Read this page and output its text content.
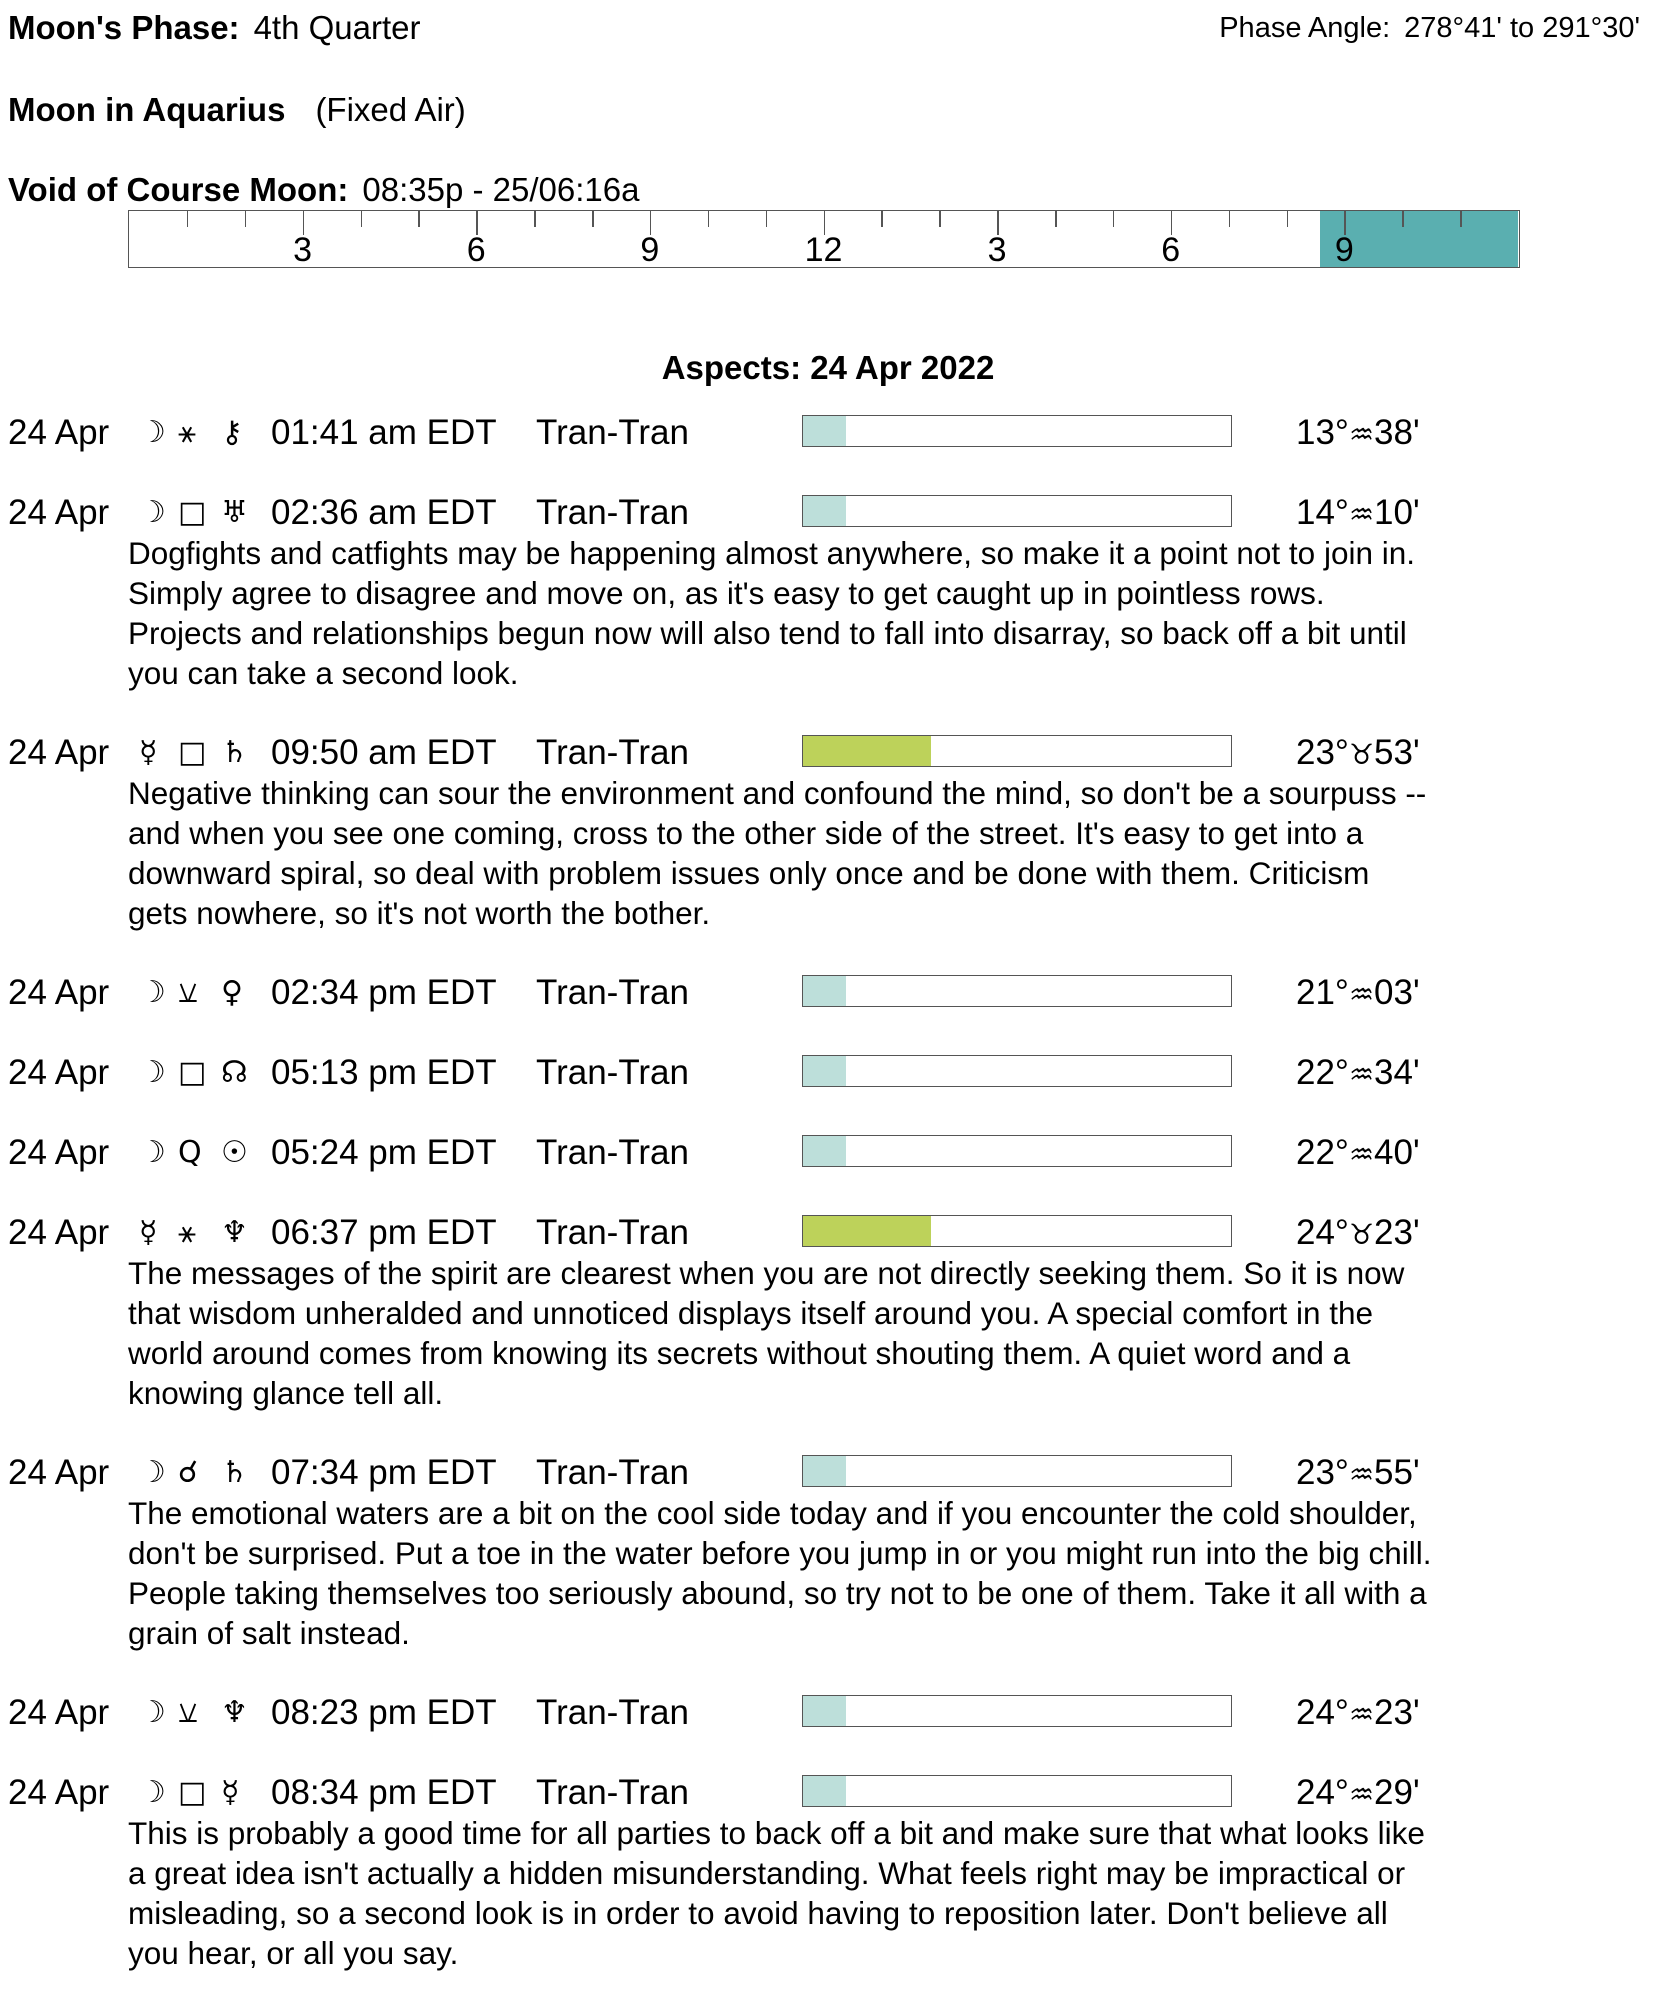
Moon's Phase: 4th Quarter	Phase Angle: 278°41' to 291°30'
Moon in Aquarius (Fixed Air)
Void of Course Moon: 08:35p - 25/06:16a
3	6	9	12	3	6	9
Aspects: 24 Apr 2022
24 Apr ☽ ⚹ ⚷ 01:41 am EDT Tran-Tran	13°♒38'
24 Apr ☽ □ ♅ 02:36 am EDT Tran-Tran	14°♒10'
Dogfights and catfights may be happening almost anywhere, so make it a point not to join in.
Simply agree to disagree and move on, as it's easy to get caught up in pointless rows.
Projects and relationships begun now will also tend to fall into disarray, so back off a bit until
you can take a second look.
24 Apr ☿ □ ♄ 09:50 am EDT Tran-Tran	23°♉53'
Negative thinking can sour the environment and confound the mind, so don't be a sourpuss --
and when you see one coming, cross to the other side of the street. It's easy to get into a
downward spiral, so deal with problem issues only once and be done with them. Criticism
gets nowhere, so it's not worth the bother.
24 Apr ☽ ⚺ ♀ 02:34 pm EDT Tran-Tran	21°♒03'
24 Apr ☽ □ ☊ 05:13 pm EDT Tran-Tran	22°♒34'
24 Apr ☽ Q ☉ 05:24 pm EDT Tran-Tran	22°♒40'
24 Apr ☿ ⚹ ♆ 06:37 pm EDT Tran-Tran	24°♉23'
The messages of the spirit are clearest when you are not directly seeking them. So it is now
that wisdom unheralded and unnoticed displays itself around you. A special comfort in the
world around comes from knowing its secrets without shouting them. A quiet word and a
knowing glance tell all.
24 Apr ☽ ☌ ♄ 07:34 pm EDT Tran-Tran	23°♒55'
The emotional waters are a bit on the cool side today and if you encounter the cold shoulder,
don't be surprised. Put a toe in the water before you jump in or you might run into the big chill.
People taking themselves too seriously abound, so try not to be one of them. Take it all with a
grain of salt instead.
24 Apr ☽ ⚺ ♆ 08:23 pm EDT Tran-Tran	24°♒23'
24 Apr ☽ □ ☿ 08:34 pm EDT Tran-Tran	24°♒29'
This is probably a good time for all parties to back off a bit and make sure that what looks like
a great idea isn't actually a hidden misunderstanding. What feels right may be impractical or
misleading, so a second look is in order to avoid having to reposition later. Don't believe all
you hear, or all you say.
